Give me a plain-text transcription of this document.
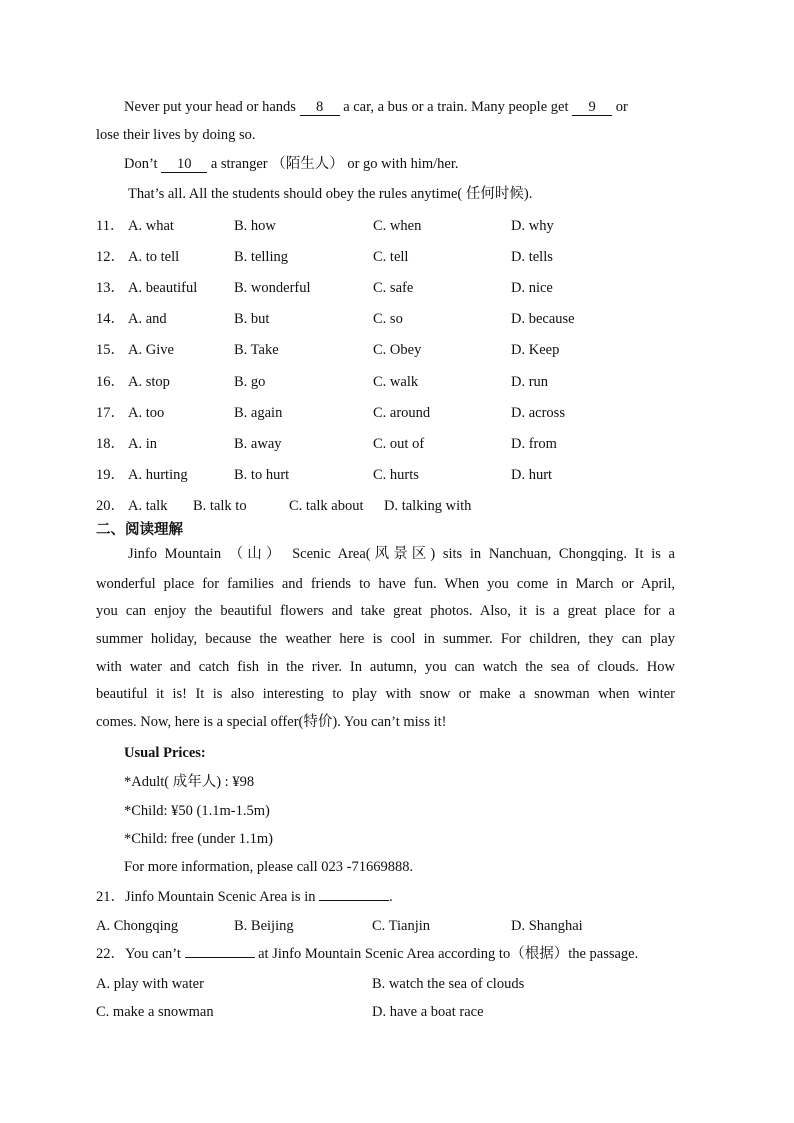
Never put your head or hands 8 a car, a bus or a train. Many people get 9 or
lose their lives by doing so.
Don’t 10 a stranger （陌生人） or go with him/her.
That’s all. All the students should obey the rules anytime( 任何时候).
11． A. what	B. how	C. when	D. why
12． A. to tell	B. telling	C. tell	D. tells
13． A. beautiful	B. wonderful	C. safe	D. nice
14． A. and	B. but	C. so	D. because
15． A. Give	B. Take	C. Obey	D. Keep
16． A. stop	B. go	C. walk	D. run
17． A. too	B. again	C. around	D. across
18． A. in	B. away	C. out of	D. from
19． A. hurting	B. to hurt	C. hurts	D. hurt
20． A. talk B. talk to	C. talk about D. talking with
二、阅读理解
Jinfo Mountain （山） Scenic Area(风景区) sits in Nanchuan, Chongqing. It is a
wonderful place for families and friends to have fun. When you come in March or April,
you can enjoy the beautiful flowers and take great photos. Also, it is a great place for a
summer holiday, because the weather here is cool in summer. For children, they can play
with water and catch fish in the river. In autumn, you can watch the sea of clouds. How
beautiful it is! It is also interesting to play with snow or make a snowman when winter
comes. Now, here is a special offer(特价). You can’t miss it!
Usual Prices:
*Adult( 成年人) : ¥98
*Child: ¥50 (1.1m-1.5m)
*Child: free (under 1.1m)
For more information, please call 023 -71669888.
21．Jinfo Mountain Scenic Area is in	.
A. Chongqing	B. Beijing	C. Tianjin	D. Shanghai
22．You can’t	at Jinfo Mountain Scenic Area according to（根据）the passage.
A. play with water	B. watch the sea of clouds
C. make a snowman	D. have a boat race
